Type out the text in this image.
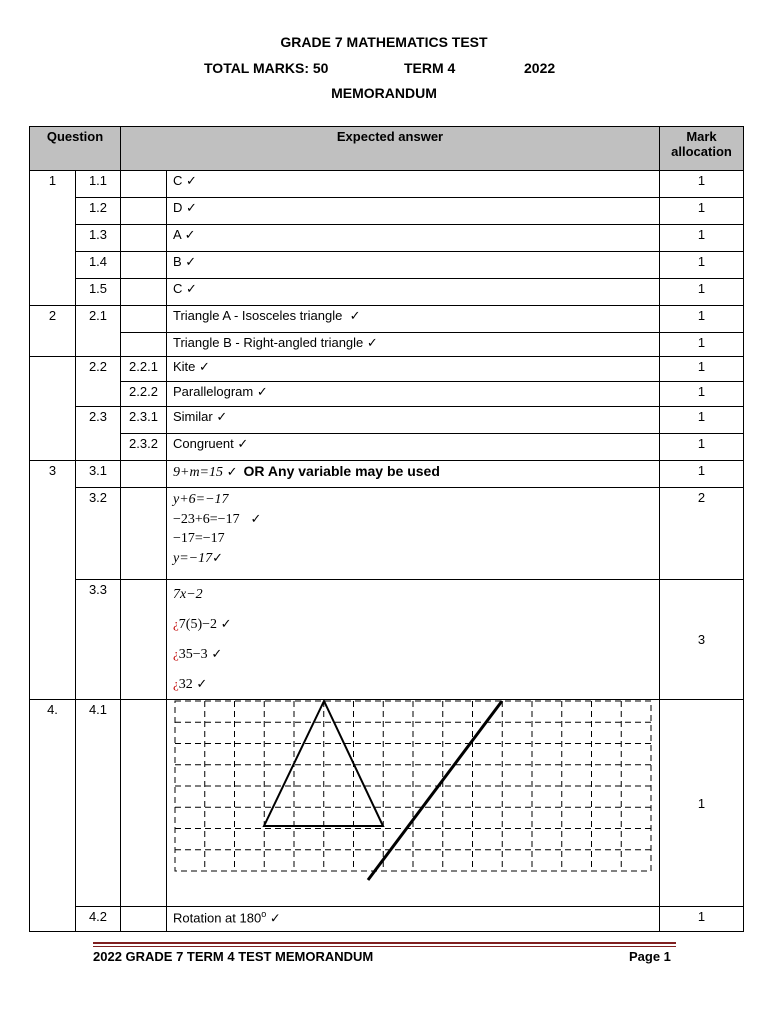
GRADE 7 MATHEMATICS TEST
TOTAL MARKS: 50	TERM 4	2022
MEMORANDUM
Question		Expected answer		Mark allocation
1	1.1		C ✓	1
	1.2		D ✓	1
	1.3		A ✓	1
	1.4		B ✓	1
	1.5		C ✓	1
2	2.1		Triangle A - Isosceles triangle ✓	1
			Triangle B - Right-angled triangle ✓	1
	2.2	2.2.1	Kite ✓	1
		2.2.2	Parallelogram ✓	1
	2.3	2.3.1	Similar ✓	1
		2.3.2	Congruent ✓	1
3	3.1		9+m=15 ✓ OR Any variable may be used	1
	3.2		y+6=−17
−23+6=−17 ✓
−17=−17
y=−17✓	2
	3.3		7x−2
¿7(5)−2 ✓
¿35−3 ✓
¿32 ✓	3
4.	4.1			1
	4.2		Rotation at 180$^o$ ✓	1
2022 GRADE 7 TERM 4 TEST MEMORANDUM	Page 1
